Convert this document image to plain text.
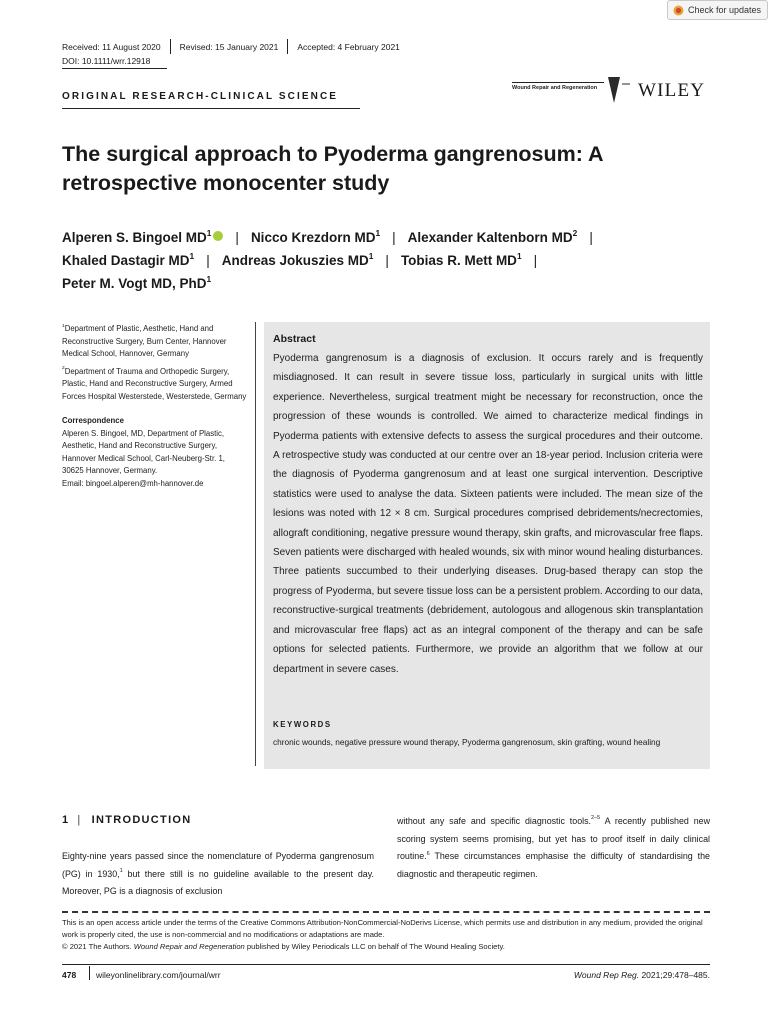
Check for updates
Received: 11 August 2020 Revised: 15 January 2021 Accepted: 4 February 2021
DOI: 10.1111/wrr.12918
ORIGINAL RESEARCH-CLINICAL SCIENCE
Wound Repair and Regeneration WILEY
The surgical approach to Pyoderma gangrenosum: A retrospective monocenter study
Alperen S. Bingoel $MD^1$ | Nicco Krezdorn $MD^1$ | Alexander Kaltenborn $MD^2$ |
Khaled Dastagir $MD^1$ | Andreas Jokuszies $MD^1$ | Tobias R. Mett $MD^1$ |
Peter M. Vogt MD, PhD$^1$

$^1$Department of Plastic, Aesthetic, Hand and Reconstructive Surgery, Burn Center, Hannover Medical School, Hannover, Germany

$^2$Department of Trauma and Orthopedic Surgery, Plastic, Hand and Reconstructive Surgery, Armed Forces Hospital Westerstede, Westerstede, Germany

Correspondence

Alperen S. Bingoel, MD, Department of Plastic, Aesthetic, Hand and Reconstructive Surgery, Hannover Medical School, Carl-Neuberg-Str. 1, 30625 Hannover, Germany.
Email: bingoel.alperen@mh-hannover.de

Abstract
Pyoderma gangrenosum is a diagnosis of exclusion. It occurs rarely and is frequently misdiagnosed. It can result in severe tissue loss, particularly in surgical units with little experience. Nevertheless, surgical treatment might be necessary for reconstruction, once the progression of these wounds is controlled. We aimed to characterize medical findings in Pyoderma patients with extensive defects to assess the surgical procedures and their outcome. A retrospective study was conducted at our centre over an 18-year period. Inclusion criteria were the diagnosis of Pyoderma gangrenosum and at least one surgical intervention. Descriptive statistics were used to analyse the data. Sixteen patients were included. The mean size of the lesions was noted with 12 × 8 cm. Surgical procedures comprised debridements/necrectomies, allograft conditioning, negative pressure wound therapy, skin grafts, and microvascular free flaps. Seven patients were discharged with healed wounds, six with minor wound healing disturbances. Three patients succumbed to their underlying diseases. Drug-based therapy can stop the progress of Pyoderma, but severe tissue loss can be a persistent problem. According to our data, reconstructive-surgical treatments (debridement, autologous and allogenous skin transplantation and microvascular free flaps) act as an integral component of the therapy and can be safe options for selected patients. Furthermore, we provide an algorithm that we follow at our department in severe cases.
KEYWORDS
chronic wounds, negative pressure wound therapy, Pyoderma gangrenosum, skin grafting, wound healing
1 | INTRODUCTION
Eighty-nine years passed since the nomenclature of Pyoderma gangrenosum (PG) in 1930,$^1$ but there still is no guideline available to the present day. Moreover, PG is a diagnosis of exclusion
without any safe and specific diagnostic tools.$^{2-5}$ A recently published new scoring system seems promising, but yet has to proof itself in daily clinical routine.$^6$ These circumstances emphasise the difficulty of standardising the diagnostic and therapeutic regimen.
This is an open access article under the terms of the Creative Commons Attribution-NonCommercial-NoDerivs License, which permits use and distribution in any medium, provided the original work is properly cited, the use is non-commercial and no modifications or adaptations are made.
© 2021 The Authors. Wound Repair and Regeneration published by Wiley Periodicals LLC on behalf of The Wound Healing Society.
478 wileyonlinelibrary.com/journal/wrr	Wound Rep Reg. 2021;29:478–485.
